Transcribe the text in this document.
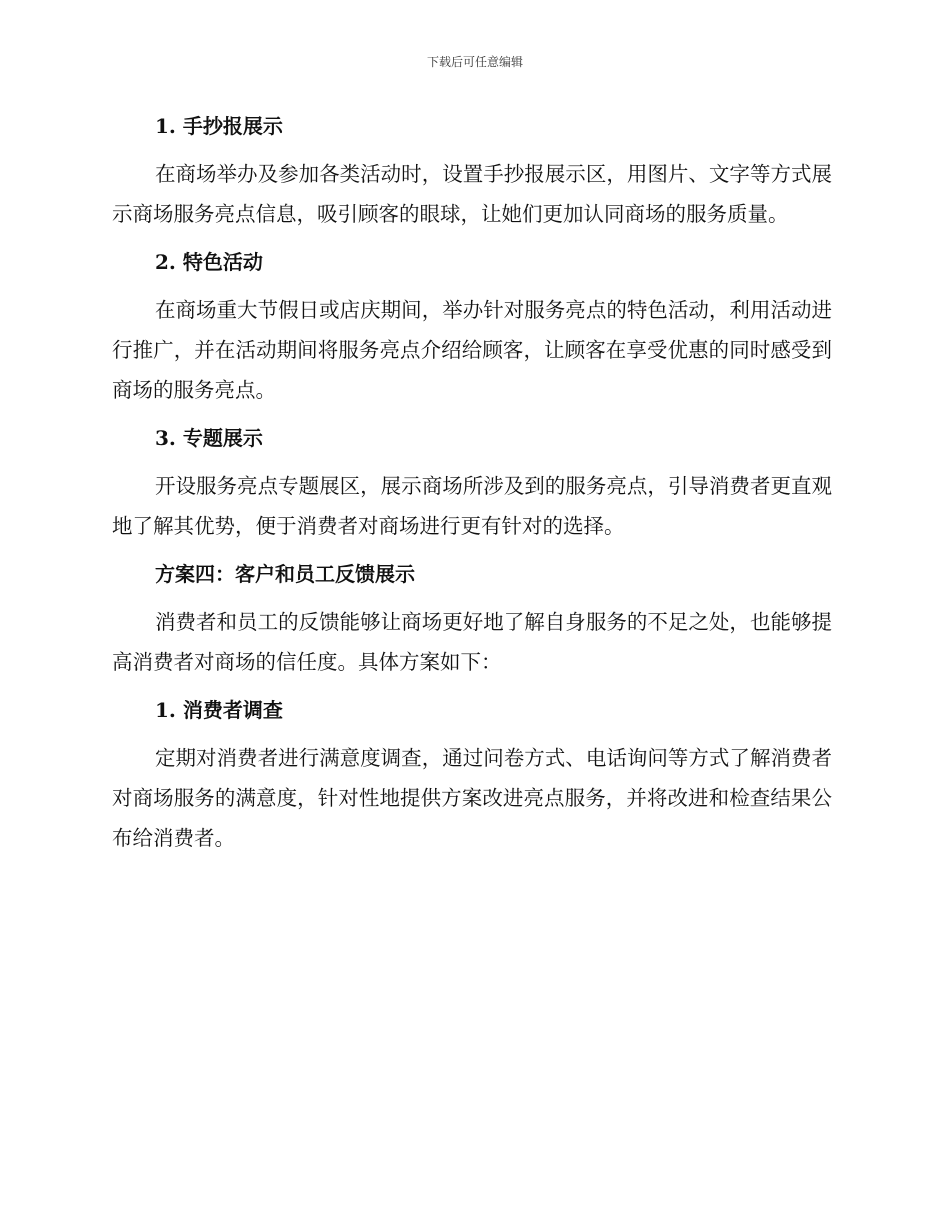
下载后可任意编辑
1. 手抄报展示
在商场举办及参加各类活动时，设置手抄报展示区，用图片、文字等方式展示商场服务亮点信息，吸引顾客的眼球，让她们更加认同商场的服务质量。
2. 特色活动
在商场重大节假日或店庆期间，举办针对服务亮点的特色活动，利用活动进行推广，并在活动期间将服务亮点介绍给顾客，让顾客在享受优惠的同时感受到商场的服务亮点。
3. 专题展示
开设服务亮点专题展区，展示商场所涉及到的服务亮点，引导消费者更直观地了解其优势，便于消费者对商场进行更有针对的选择。
方案四：客户和员工反馈展示
消费者和员工的反馈能够让商场更好地了解自身服务的不足之处，也能够提高消费者对商场的信任度。具体方案如下：
1. 消费者调查
定期对消费者进行满意度调查，通过问卷方式、电话询问等方式了解消费者对商场服务的满意度，针对性地提供方案改进亮点服务，并将改进和检查结果公布给消费者。
